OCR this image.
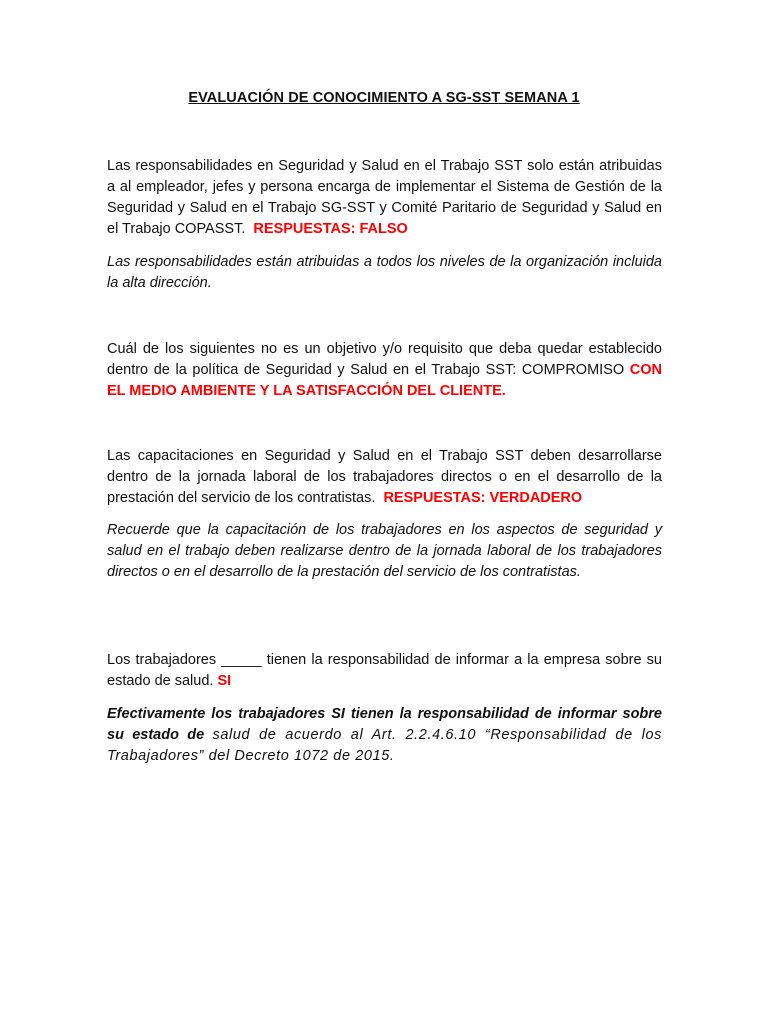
EVALUACIÓN DE CONOCIMIENTO A SG-SST SEMANA 1

Las responsabilidades en Seguridad y Salud en el Trabajo SST solo están atribuidas a al empleador, jefes y persona encarga de implementar el Sistema de Gestión de la Seguridad y Salud en el Trabajo SG-SST y Comité Paritario de Seguridad y Salud en el Trabajo COPASST. RESPUESTAS: FALSO

Las responsabilidades están atribuidas a todos los niveles de la organización incluida la alta dirección.

Cuál de los siguientes no es un objetivo y/o requisito que deba quedar establecido dentro de la política de Seguridad y Salud en el Trabajo SST: COMPROMISO CON EL MEDIO AMBIENTE Y LA SATISFACCIÓN DEL CLIENTE.

Las capacitaciones en Seguridad y Salud en el Trabajo SST deben desarrollarse dentro de la jornada laboral de los trabajadores directos o en el desarrollo de la prestación del servicio de los contratistas. RESPUESTAS: VERDADERO

Recuerde que la capacitación de los trabajadores en los aspectos de seguridad y salud en el trabajo deben realizarse dentro de la jornada laboral de los trabajadores directos o en el desarrollo de la prestación del servicio de los contratistas.

Los trabajadores _____ tienen la responsabilidad de informar a la empresa sobre su estado de salud. SI

Efectivamente los trabajadores SI tienen la responsabilidad de informar sobre su estado de salud de acuerdo al Art. 2.2.4.6.10 “Responsabilidad de los Trabajadores” del Decreto 1072 de 2015.
